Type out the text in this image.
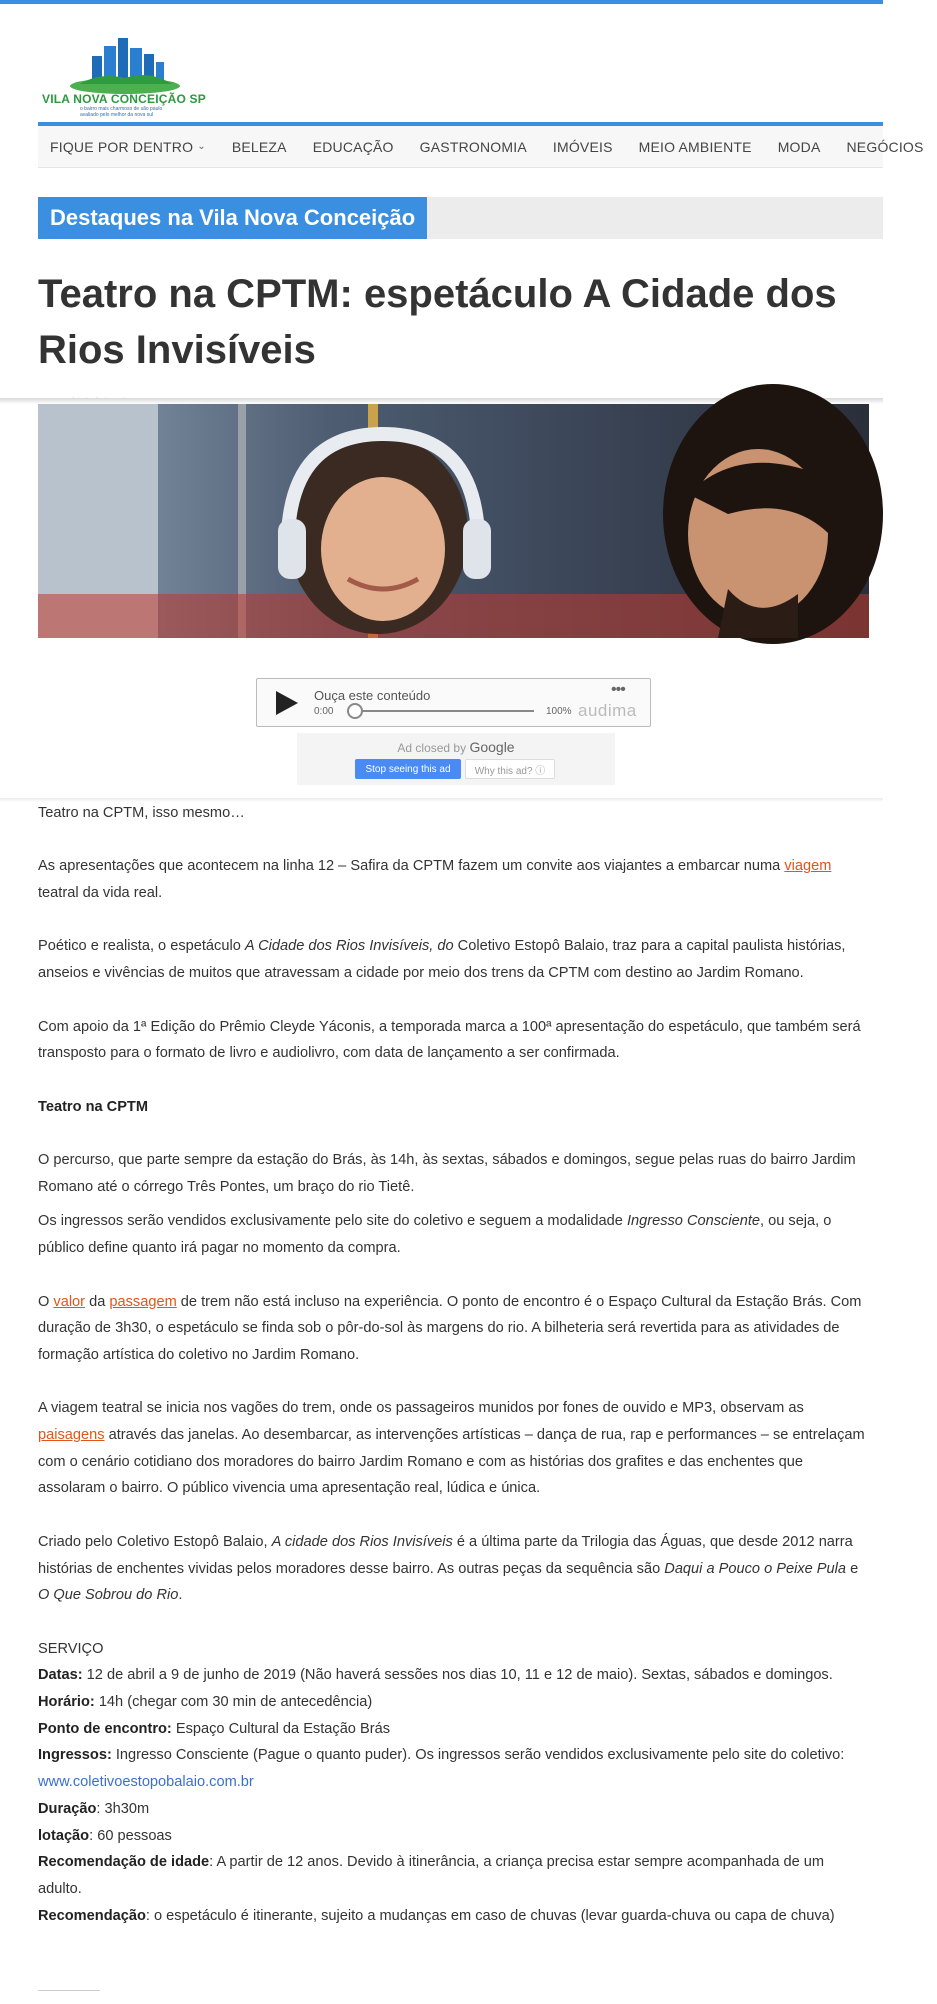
VILA NOVA CONCEIÇÃO SP
o bairro mais charmoso de são paulo
avaliado pelo melhor da nova sul
FIQUE POR DENTRO ⌄ BELEZA EDUCAÇÃO GASTRONOMIA IMÓVEIS MEIO AMBIENTE MODA NEGÓCIOS
Destaques na Vila Nova Conceição
Teatro na CPTM: espetáculo A Cidade dos Rios Invisíveis
Ouça este conteúdo
0:00	100%
•••
audima
Ad closed by Google
Stop seeing this ad	Why this ad? ⓘ

Teatro na CPTM, isso mesmo…

As apresentações que acontecem na linha 12 – Safira da CPTM fazem um convite aos viajantes a embarcar numa viagem teatral da vida real.

Poético e realista, o espetáculo A Cidade dos Rios Invisíveis, do Coletivo Estopô Balaio, traz para a capital paulista histórias, anseios e vivências de muitos que atravessam a cidade por meio dos trens da CPTM com destino ao Jardim Romano.

Com apoio da 1ª Edição do Prêmio Cleyde Yáconis, a temporada marca a 100ª apresentação do espetáculo, que também será transposto para o formato de livro e audiolivro, com data de lançamento a ser confirmada.

Teatro na CPTM

O percurso, que parte sempre da estação do Brás, às 14h, às sextas, sábados e domingos, segue pelas ruas do bairro Jardim Romano até o córrego Três Pontes, um braço do rio Tietê.

Os ingressos serão vendidos exclusivamente pelo site do coletivo e seguem a modalidade Ingresso Consciente, ou seja, o público define quanto irá pagar no momento da compra.

O valor da passagem de trem não está incluso na experiência. O ponto de encontro é o Espaço Cultural da Estação Brás. Com duração de 3h30, o espetáculo se finda sob o pôr-do-sol às margens do rio. A bilheteria será revertida para as atividades de formação artística do coletivo no Jardim Romano.

A viagem teatral se inicia nos vagões do trem, onde os passageiros munidos por fones de ouvido e MP3, observam as paisagens através das janelas. Ao desembarcar, as intervenções artísticas – dança de rua, rap e performances – se entrelaçam com o cenário cotidiano dos moradores do bairro Jardim Romano e com as histórias dos grafites e das enchentes que assolaram o bairro. O público vivencia uma apresentação real, lúdica e única.

Criado pelo Coletivo Estopô Balaio, A cidade dos Rios Invisíveis é a última parte da Trilogia das Águas, que desde 2012 narra histórias de enchentes vividas pelos moradores desse bairro. As outras peças da sequência são Daqui a Pouco o Peixe Pula e O Que Sobrou do Rio.

SERVIÇO

Datas: 12 de abril a 9 de junho de 2019 (Não haverá sessões nos dias 10, 11 e 12 de maio). Sextas, sábados e domingos.

Horário: 14h (chegar com 30 min de antecedência)

Ponto de encontro: Espaço Cultural da Estação Brás

Ingressos: Ingresso Consciente (Pague o quanto puder). Os ingressos serão vendidos exclusivamente pelo site do coletivo:

www.coletivoestopobalaio.com.br

Duração: 3h30m

lotação: 60 pessoas

Recomendação de idade: A partir de 12 anos. Devido à itinerância, a criança precisa estar sempre acompanhada de um adulto.

Recomendação: o espetáculo é itinerante, sujeito a mudanças em caso de chuvas (levar guarda-chuva ou capa de chuva)
